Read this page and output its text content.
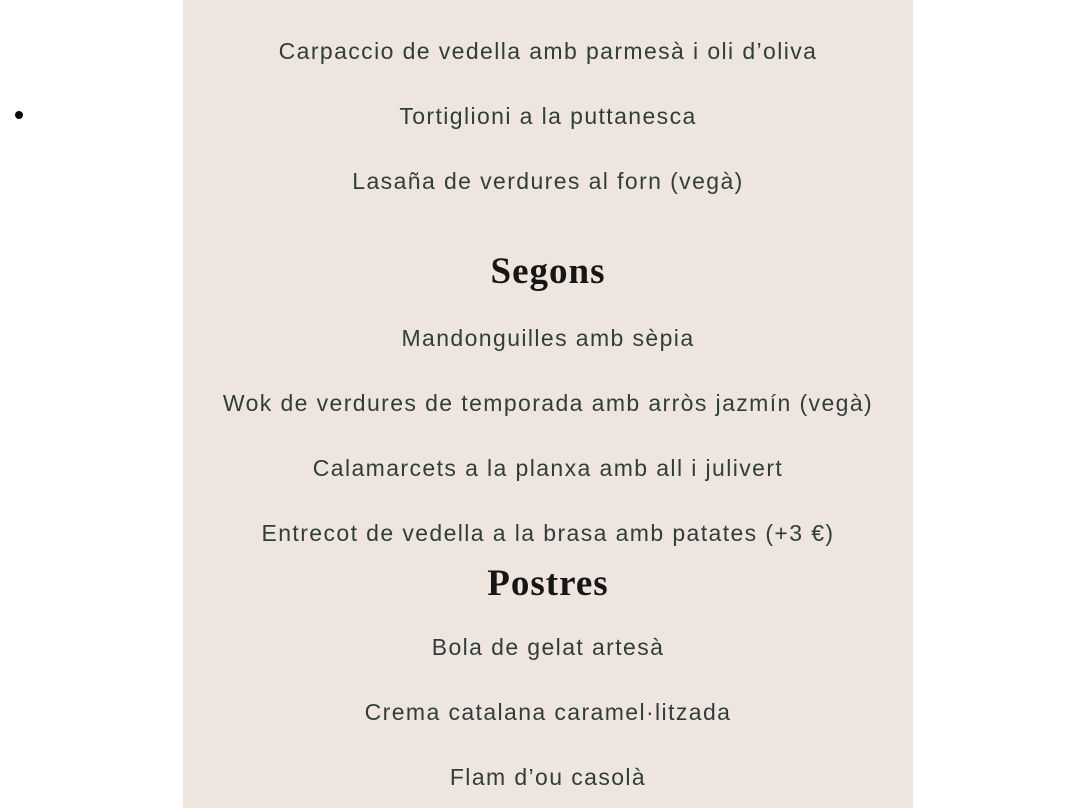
Carpaccio de vedella amb parmesà i oli d’oliva
Tortiglioni a la puttanesca
Lasaña de verdures al forn (vegà)
Segons
Mandonguilles amb sèpia
Wok de verdures de temporada amb arròs jazmín (vegà)
Calamarcets a la planxa amb all i julivert
Entrecot de vedella a la brasa amb patates (+3 €)
Postres
Bola de gelat artesà
Crema catalana caramel·litzada
Flam d’ou casolà
